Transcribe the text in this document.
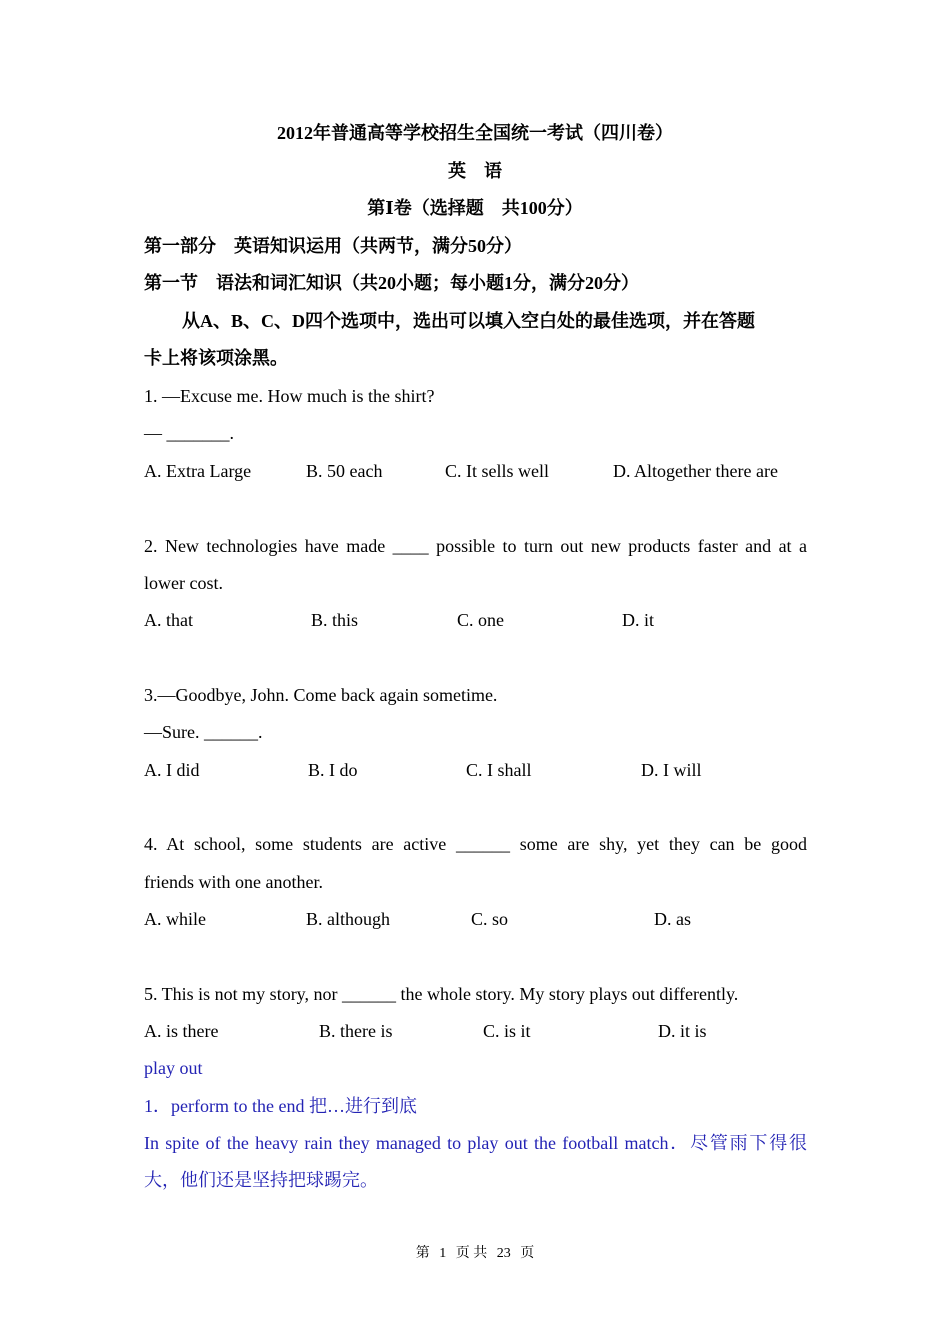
2012年普通高等学校招生全国统一考试（四川卷）
英　语
第Ⅰ卷（选择题　共100分）
第一部分　英语知识运用（共两节，满分50分）
第一节　语法和词汇知识（共20小题；每小题1分，满分20分）
从A、B、C、D四个选项中，选出可以填入空白处的最佳选项，并在答题
卡上将该项涂黑。
1. —Excuse me. How much is the shirt?
— _______.
A. Extra Large	B. 50 each	C. It sells well	D. Altogether there are
2. New technologies have made ____ possible to turn out new products faster and at a
lower cost.
A. that	B. this	C. one	D. it
3.—Goodbye, John. Come back again sometime.
—Sure. ______.
A. I did	B. I do	C. I shall	D. I will
4. At school, some students are active ______ some are shy, yet they can be good
friends with one another.
A. while	B. although	C. so	D. as
5. This is not my story, nor ______ the whole story. My story plays out differently.
A. is there	B. there is	C. is it	D. it is
play out
1．perform to the end 把…进行到底
In spite of the heavy rain they managed to play out the football match．尽管雨下得很
大，他们还是坚持把球踢完。
第 1 页 共 23 页
